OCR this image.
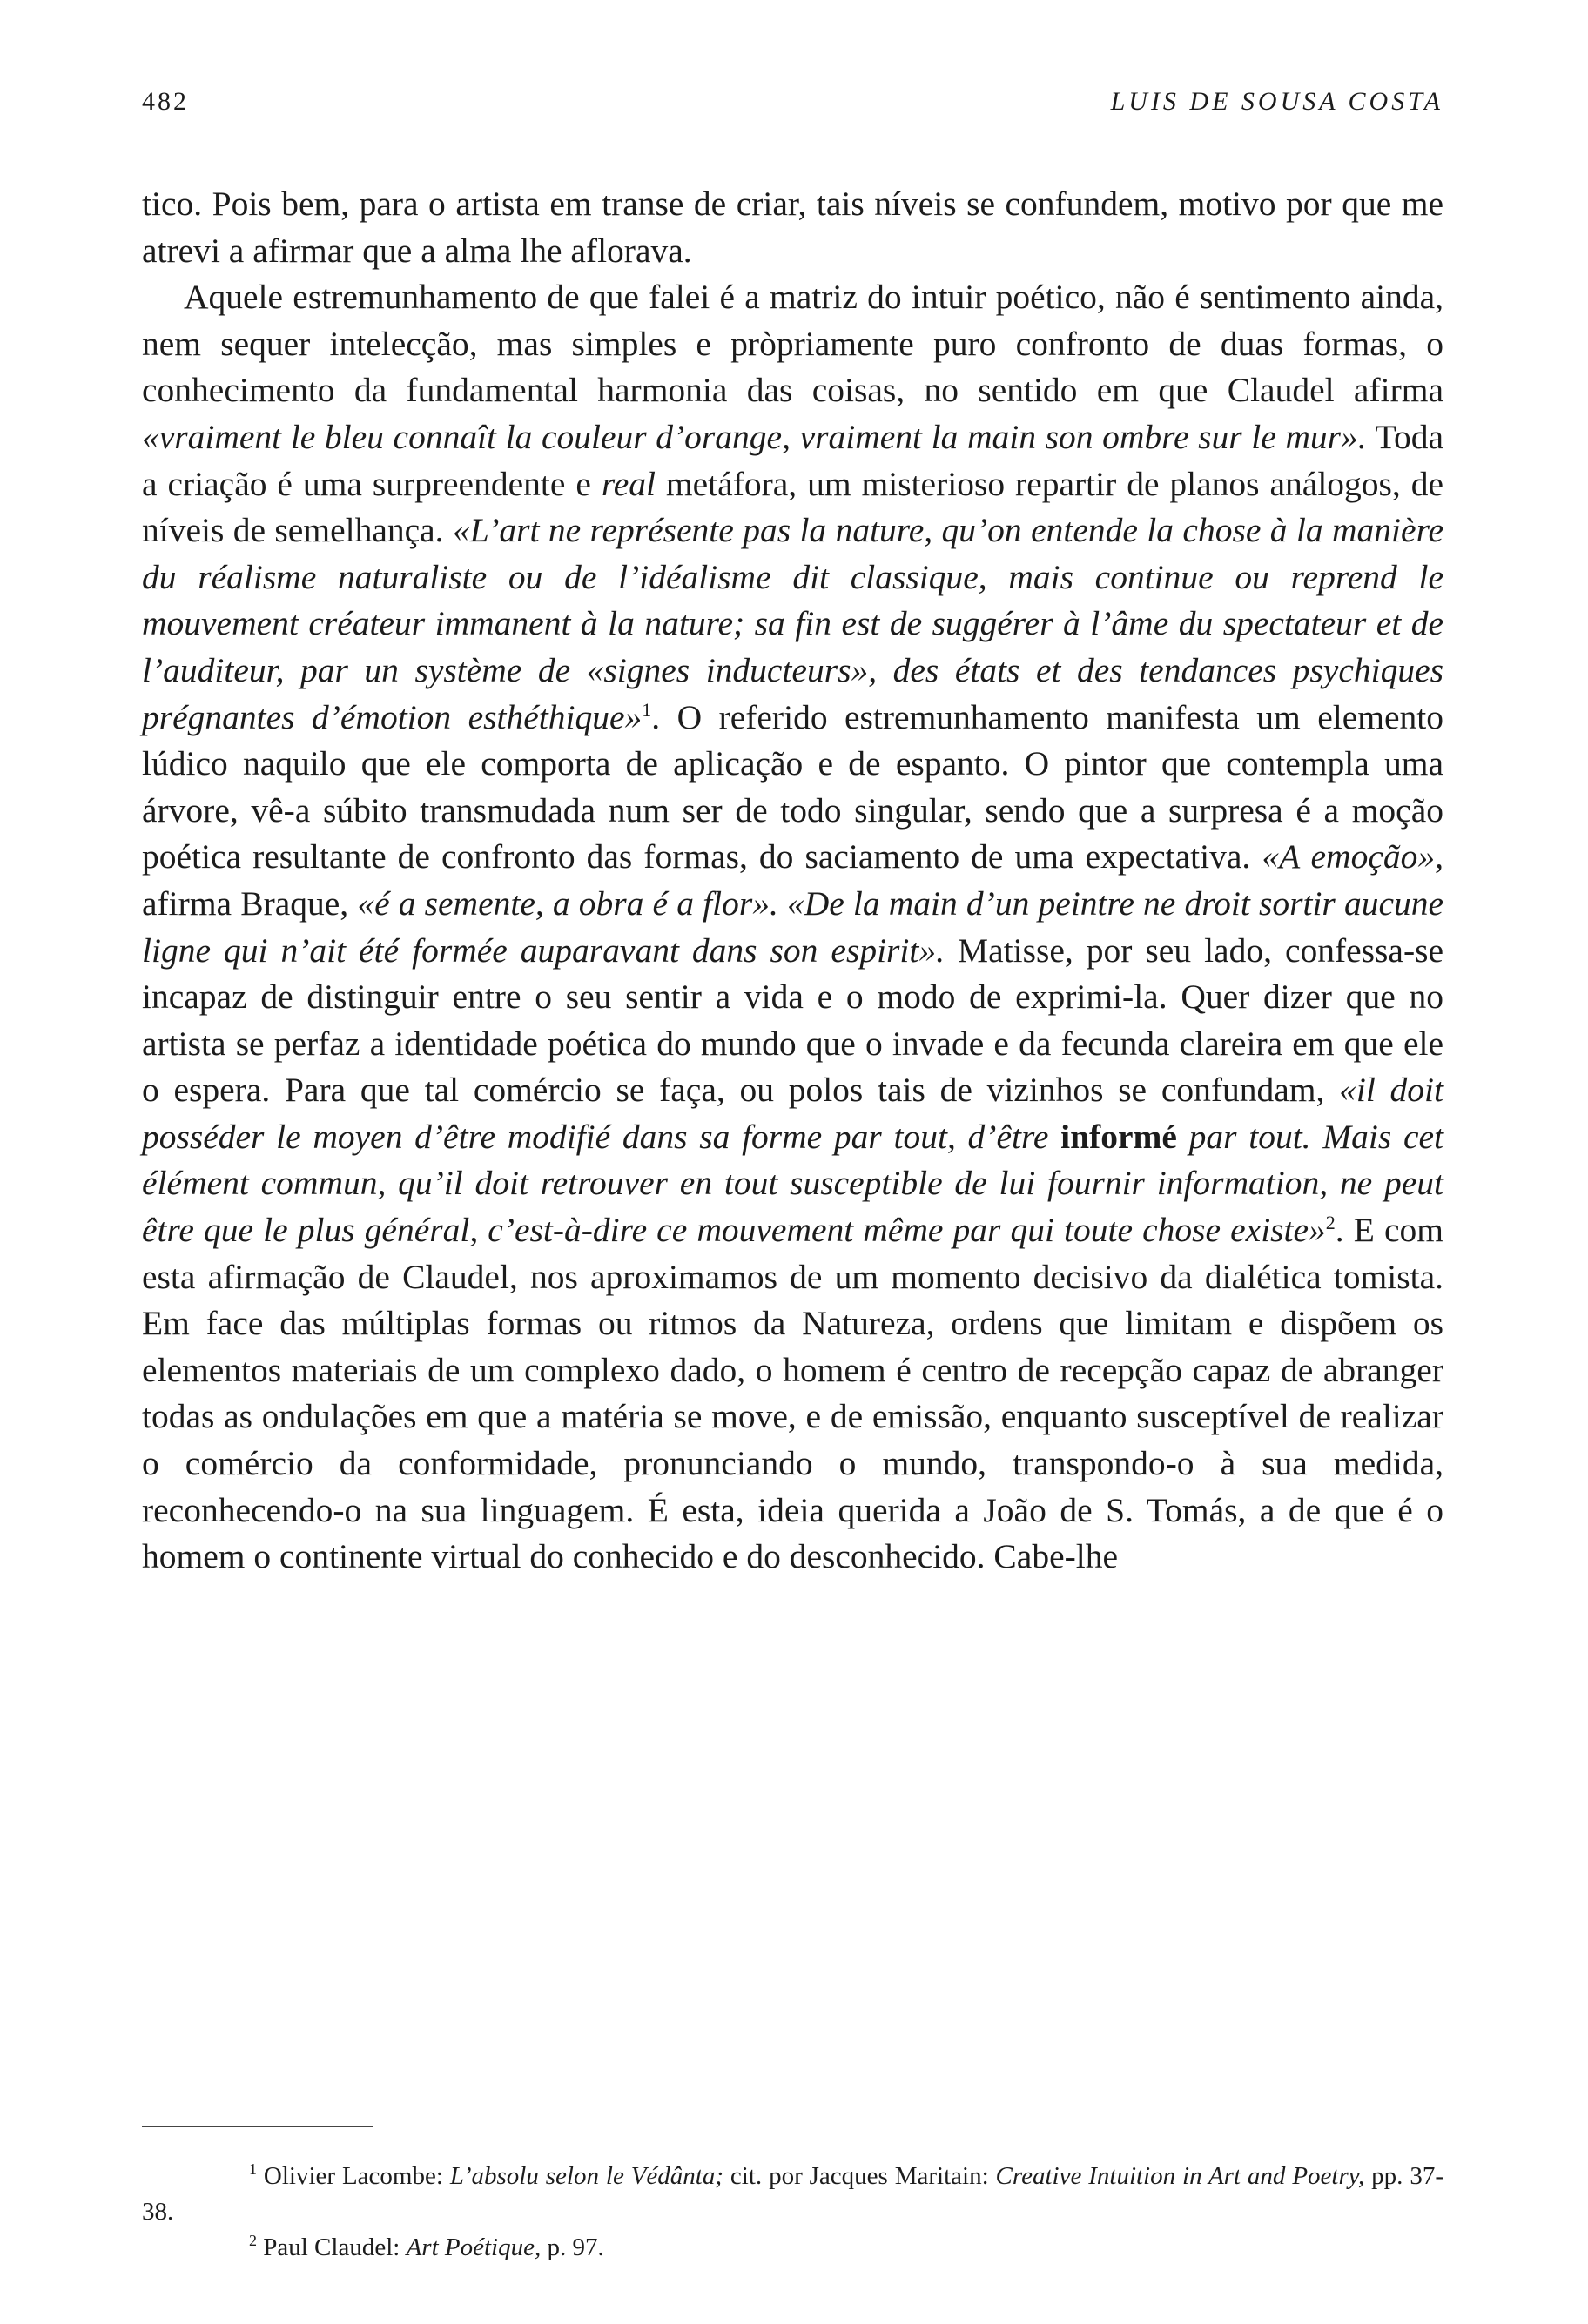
482	LUIS DE SOUSA COSTA

tico. Pois bem, para o artista em transe de criar, tais níveis se confundem, motivo por que me atrevi a afirmar que a alma lhe aflorava.

Aquele estremunhamento de que falei é a matriz do intuir poético, não é sentimento ainda, nem sequer intelecção, mas simples e pròpriamente puro confronto de duas formas, o conhecimento da fundamental harmonia das coisas, no sentido em que Claudel afirma «vraiment le bleu connaît la couleur d’orange, vraiment la main son ombre sur le mur». Toda a criação é uma surpreendente e real metáfora, um misterioso repartir de planos análogos, de níveis de semelhança. «L’art ne représente pas la nature, qu’on entende la chose à la manière du réalisme naturaliste ou de l’idéalisme dit classique, mais continue ou reprend le mouvement créateur immanent à la nature; sa fin est de suggérer à l’âme du spectateur et de l’auditeur, par un système de «signes inducteurs», des états et des tendances psychiques prégnantes d’émotion esthéthique»$^1$. O referido estremunhamento manifesta um elemento lúdico naquilo que ele comporta de aplicação e de espanto. O pintor que contempla uma árvore, vê-a súbito transmudada num ser de todo singular, sendo que a surpresa é a moção poética resultante de confronto das formas, do saciamento de uma expectativa. «A emoção», afirma Braque, «é a semente, a obra é a flor». «De la main d’un peintre ne droit sortir aucune ligne qui n’ait été formée auparavant dans son espirit». Matisse, por seu lado, confessa-se incapaz de distinguir entre o seu sentir a vida e o modo de exprimi-la. Quer dizer que no artista se perfaz a identidade poética do mundo que o invade e da fecunda clareira em que ele o espera. Para que tal comércio se faça, ou polos tais de vizinhos se confundam, «il doit posséder le moyen d’être modifié dans sa forme par tout, d’être informé par tout. Mais cet élément commun, qu’il doit retrouver en tout susceptible de lui fournir information, ne peut être que le plus général, c’est-à-dire ce mouvement même par qui toute chose existe»$^2$. E com esta afirmação de Claudel, nos aproximamos de um momento decisivo da dialética tomista. Em face das múltiplas formas ou ritmos da Natureza, ordens que limitam e dispõem os elementos materiais de um complexo dado, o homem é centro de recepção capaz de abranger todas as ondulações em que a matéria se move, e de emissão, enquanto susceptível de realizar o comércio da conformidade, pronunciando o mundo, transpondo-o à sua medida, reconhecendo-o na sua linguagem. É esta, ideia querida a João de S. Tomás, a de que é o homem o continente virtual do conhecido e do desconhecido. Cabe-lhe

$^1$ Olivier Lacombe: L’absolu selon le Védânta; cit. por Jacques Maritain: Creative Intuition in Art and Poetry, pp. 37-38.

$^2$ Paul Claudel: Art Poétique, p. 97.
